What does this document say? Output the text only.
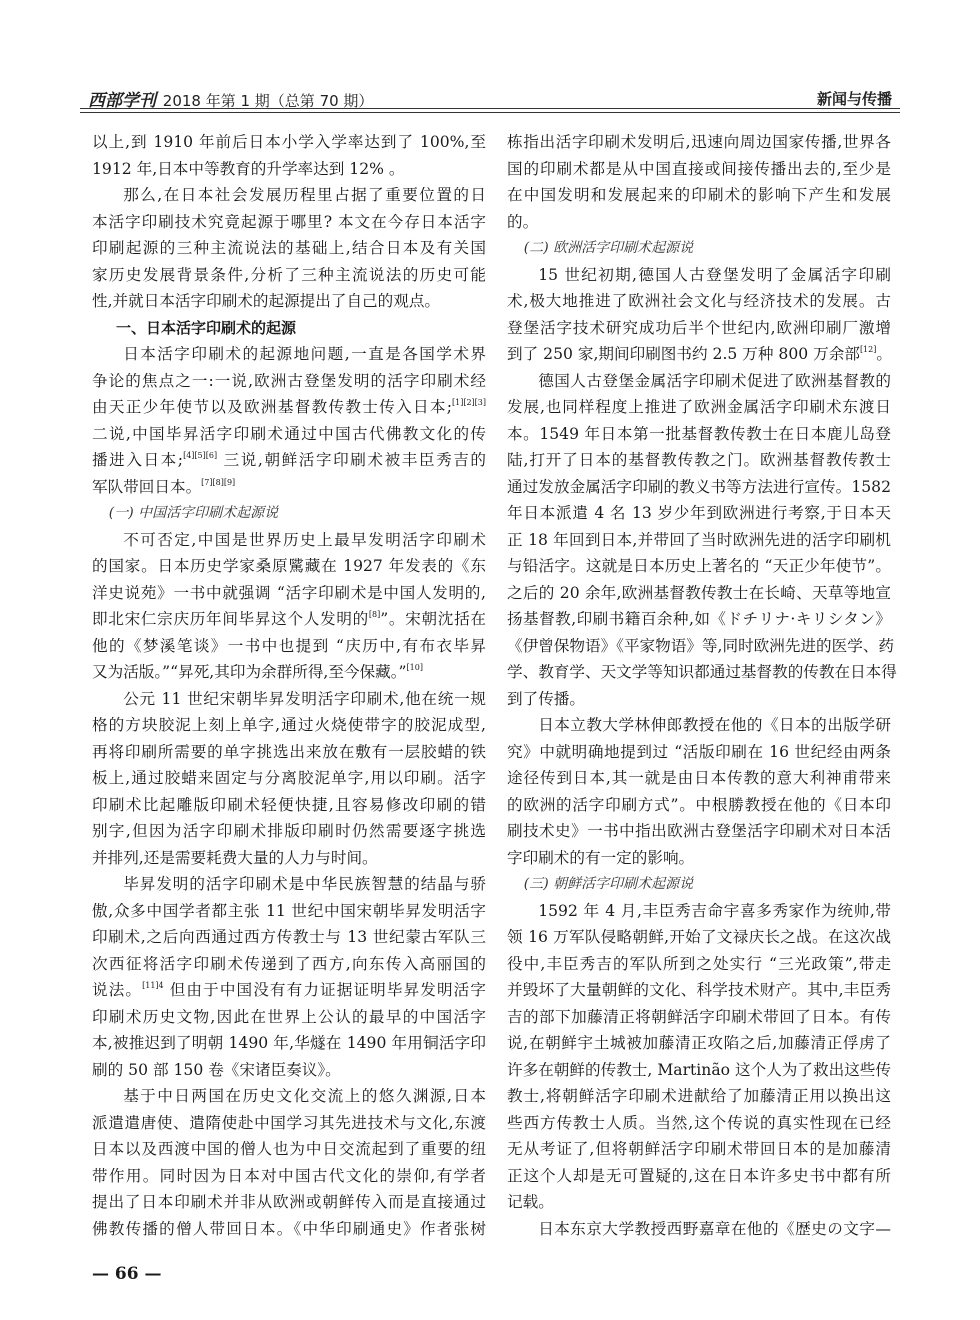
西部学刊 2018 年第 1 期（总第 70 期）	新闻与传播
以上,到 1910 年前后日本小学入学率达到了 100%,至
1912 年,日本中等教育的升学率达到 12% 。
那么,在日本社会发展历程里占据了重要位置的日
本活字印刷技术究竟起源于哪里? 本文在今存日本活字
印刷起源的三种主流说法的基础上,结合日本及有关国
家历史发展背景条件,分析了三种主流说法的历史可能
性,并就日本活字印刷术的起源提出了自己的观点。
一、日本活字印刷术的起源
日本活字印刷术的起源地问题,一直是各国学术界
争论的焦点之一:一说,欧洲古登堡发明的活字印刷术经
由天正少年使节以及欧洲基督教传教士传入日本;[1][2][3]
二说,中国毕昇活字印刷术通过中国古代佛教文化的传
播进入日本;[4][5][6] 三说,朝鲜活字印刷术被丰臣秀吉的
军队带回日本。[7][8][9]
(一) 中国活字印刷术起源说
不可否定,中国是世界历史上最早发明活字印刷术
的国家。日本历史学家桑原騭藏在 1927 年发表的《东
洋史说苑》一书中就强调 “活字印刷术是中国人发明的,
即北宋仁宗庆历年间毕昇这个人发明的[8]”。宋朝沈括在
他的《梦溪笔谈》一书中也提到 “庆历中,有布衣毕昇
又为活版。”“昇死,其印为余群所得,至今保藏。”[10]
公元 11 世纪宋朝毕昇发明活字印刷术,他在统一规
格的方块胶泥上刻上单字,通过火烧使带字的胶泥成型,
再将印刷所需要的单字挑选出来放在敷有一层胶蜡的铁
板上,通过胶蜡来固定与分离胶泥单字,用以印刷。活字
印刷术比起雕版印刷术轻便快捷,且容易修改印刷的错
别字,但因为活字印刷术排版印刷时仍然需要逐字挑选
并排列,还是需要耗费大量的人力与时间。
毕昇发明的活字印刷术是中华民族智慧的结晶与骄
傲,众多中国学者都主张 11 世纪中国宋朝毕昇发明活字
印刷术,之后向西通过西方传教士与 13 世纪蒙古军队三
次西征将活字印刷术传递到了西方,向东传入高丽国的
说法。$^{[11]4}$ 但由于中国没有有力证据证明毕昇发明活字
印刷术历史文物,因此在世界上公认的最早的中国活字
本,被推迟到了明朝 1490 年,华燧在 1490 年用铜活字印
刷的 50 部 150 卷《宋诸臣奏议》。
基于中日两国在历史文化交流上的悠久渊源,日本
派遣遣唐使、遣隋使赴中国学习其先进技术与文化,东渡
日本以及西渡中国的僧人也为中日交流起到了重要的纽
带作用。同时因为日本对中国古代文化的崇仰,有学者
提出了日本印刷术并非从欧洲或朝鲜传入而是直接通过
佛教传播的僧人带回日本。《中华印刷通史》作者张树
栋指出活字印刷术发明后,迅速向周边国家传播,世界各
国的印刷术都是从中国直接或间接传播出去的,至少是
在中国发明和发展起来的印刷术的影响下产生和发展
的。
(二) 欧洲活字印刷术起源说
15 世纪初期,德国人古登堡发明了金属活字印刷
术,极大地推进了欧洲社会文化与经济技术的发展。古
登堡活字技术研究成功后半个世纪内,欧洲印刷厂激增
到了 250 家,期间印刷图书约 2.5 万种 800 万余部[12]。
德国人古登堡金属活字印刷术促进了欧洲基督教的
发展,也同样程度上推进了欧洲金属活字印刷术东渡日
本。1549 年日本第一批基督教传教士在日本鹿儿岛登
陆,打开了日本的基督教传教之门。欧洲基督教传教士
通过发放金属活字印刷的教义书等方法进行宣传。1582
年日本派遣 4 名 13 岁少年到欧洲进行考察,于日本天
正 18 年回到日本,并带回了当时欧洲先进的活字印刷机
与铅活字。这就是日本历史上著名的 “天正少年使节”。
之后的 20 余年,欧洲基督教传教士在长崎、天草等地宣
扬基督教,印刷书籍百余种,如《ドチリナ·キリシタン》
《伊曾保物语》《平家物语》等,同时欧洲先进的医学、药
学、教育学、天文学等知识都通过基督教的传教在日本得
到了传播。
日本立教大学林伸郎教授在他的《日本的出版学研
究》中就明确地提到过 “活版印刷在 16 世纪经由两条
途径传到日本,其一就是由日本传教的意大利神甫带来
的欧洲的活字印刷方式”。中根勝教授在他的《日本印
刷技术史》一书中指出欧洲古登堡活字印刷术对日本活
字印刷术的有一定的影响。
(三) 朝鲜活字印刷术起源说
1592 年 4 月,丰臣秀吉命宇喜多秀家作为统帅,带
领 16 万军队侵略朝鲜,开始了文禄庆长之战。在这次战
役中,丰臣秀吉的军队所到之处实行 “三光政策”,带走
并毁坏了大量朝鲜的文化、科学技术财产。其中,丰臣秀
吉的部下加藤清正将朝鲜活字印刷术带回了日本。有传
说,在朝鲜宇土城被加藤清正攻陷之后,加藤清正俘虏了
许多在朝鲜的传教士, Martinão 这个人为了救出这些传
教士,将朝鲜活字印刷术进献给了加藤清正用以换出这
些西方传教士人质。当然,这个传说的真实性现在已经
无从考证了,但将朝鲜活字印刷术带回日本的是加藤清
正这个人却是无可置疑的,这在日本许多史书中都有所
记载。
日本东京大学教授西野嘉章在他的《歴史の文字—
— 66 —
